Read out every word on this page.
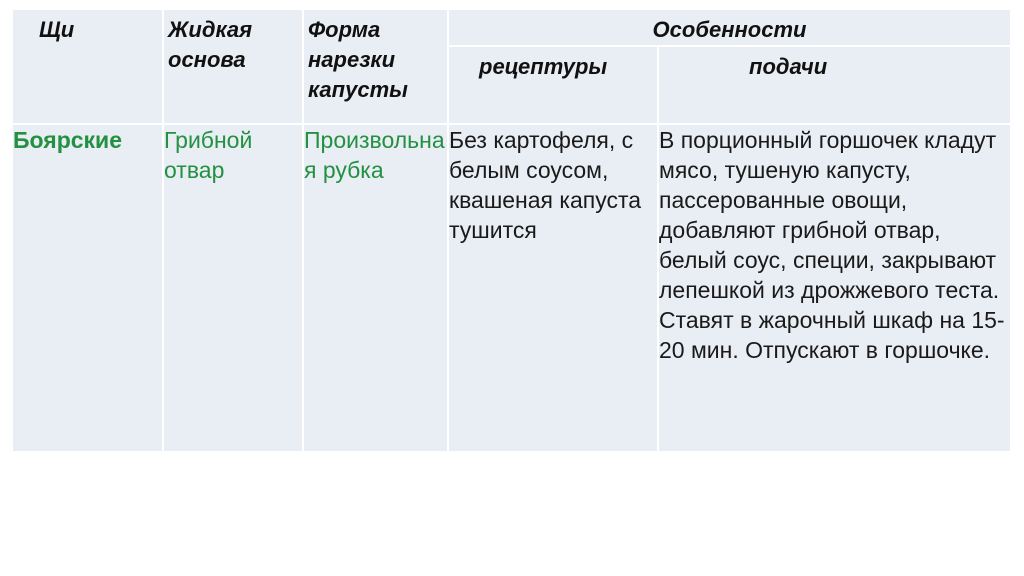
Щи	Жидкая основа	Форма нарезки капусты	Особенности	
			рецептуры	подачи
Боярские	Грибной отвар	Произвольная рубка	Без картофеля, с белым соусом, квашеная капуста тушится	В порционный горшочек кладут мясо, тушеную капусту, пассерованные овощи, добавляют грибной отвар, белый соус, специи, закрывают лепешкой из дрожжевого теста. Ставят в жарочный шкаф на 15-20 мин. Отпускают в горшочке.
